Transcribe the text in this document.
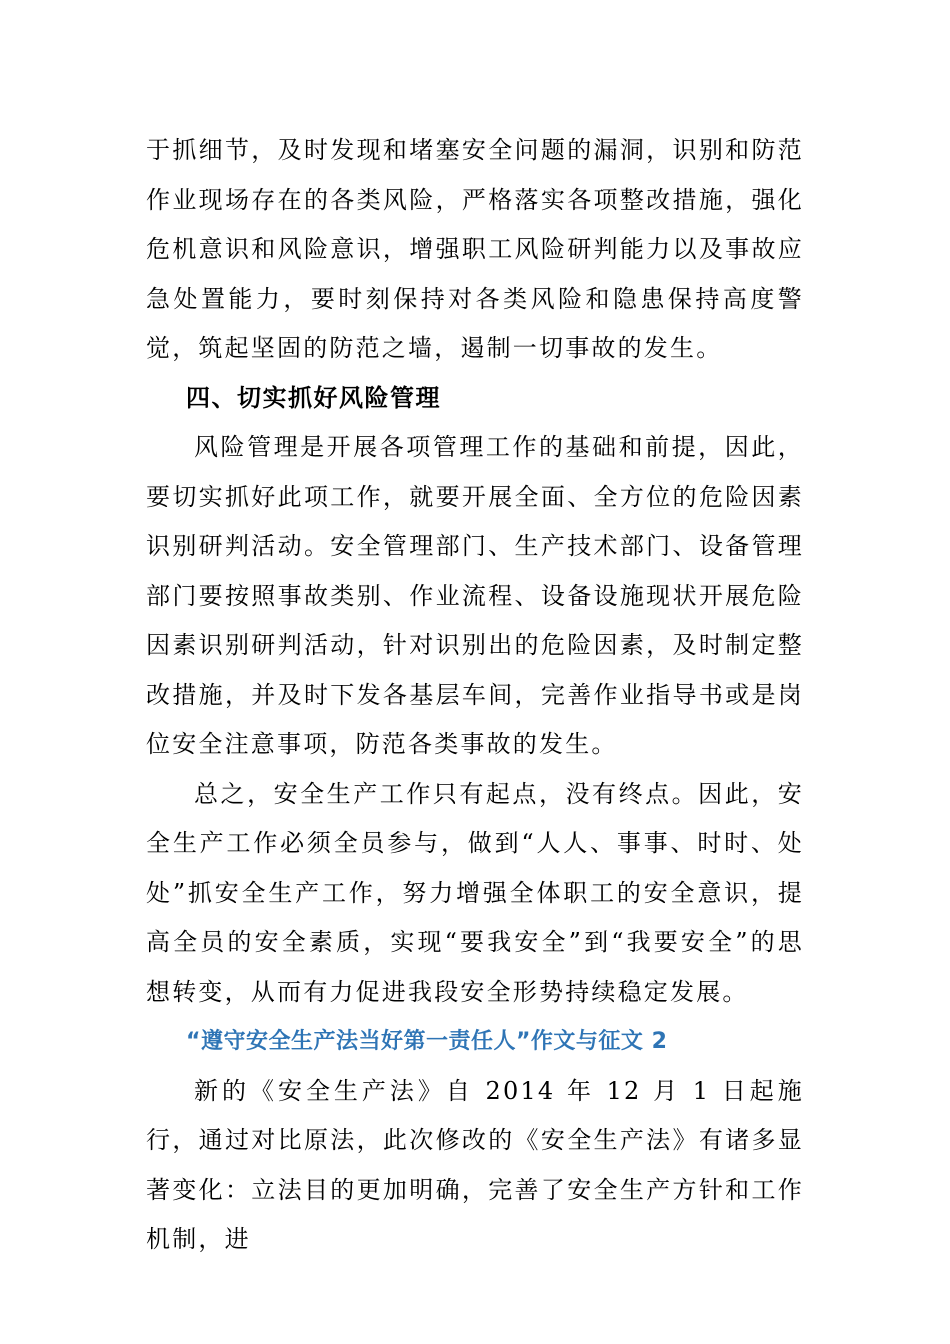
于抓细节，及时发现和堵塞安全问题的漏洞，识别和防范作业现场存在的各类风险，严格落实各项整改措施，强化危机意识和风险意识，增强职工风险研判能力以及事故应急处置能力，要时刻保持对各类风险和隐患保持高度警觉，筑起坚固的防范之墙，遏制一切事故的发生。

四、切实抓好风险管理

风险管理是开展各项管理工作的基础和前提，因此，要切实抓好此项工作，就要开展全面、全方位的危险因素识别研判活动。安全管理部门、生产技术部门、设备管理部门要按照事故类别、作业流程、设备设施现状开展危险因素识别研判活动，针对识别出的危险因素，及时制定整改措施，并及时下发各基层车间，完善作业指导书或是岗位安全注意事项，防范各类事故的发生。

总之，安全生产工作只有起点，没有终点。因此，安全生产工作必须全员参与，做到“人人、事事、时时、处处”抓安全生产工作，努力增强全体职工的安全意识，提高全员的安全素质，实现“要我安全”到“我要安全”的思想转变，从而有力促进我段安全形势持续稳定发展。

“遵守安全生产法当好第一责任人”作文与征文 2

新的《安全生产法》自 2014 年 12 月 1 日起施行，通过对比原法，此次修改的《安全生产法》有诸多显著变化：立法目的更加明确，完善了安全生产方针和工作机制，进
